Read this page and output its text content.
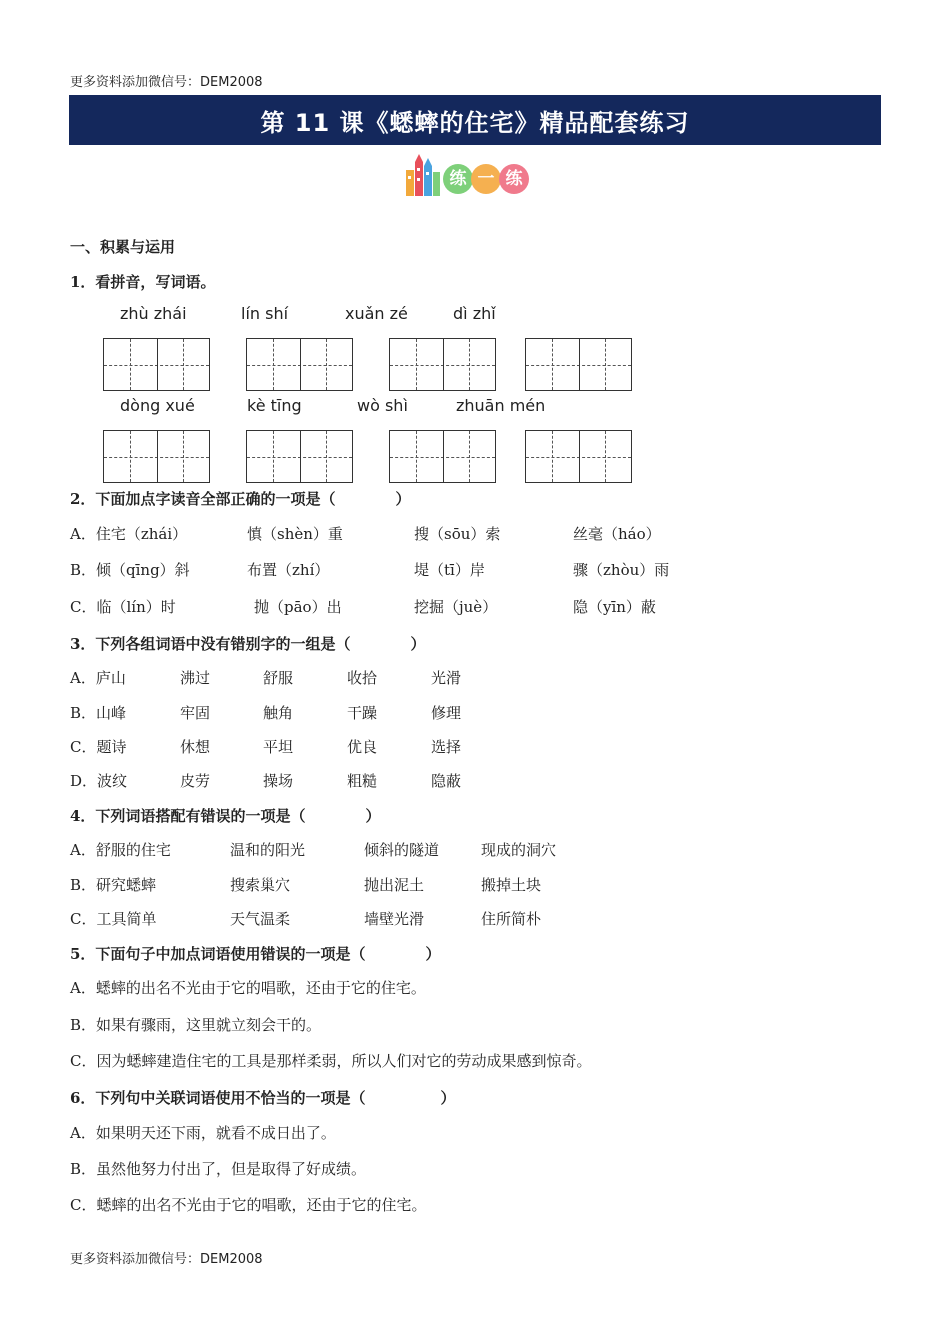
更多资料添加微信号：DEM2008
第 11 课《蟋蟀的住宅》精品配套练习
练 一 练
一、积累与运用
1．看拼音，写词语。
zhù zhái	lín shí	xuǎn zé	dì zhǐ
dòng xué	kè tīng	wò shì	zhuān mén
2．下面加点字读音全部正确的一项是（　　　　）
A．住宅（zhái）	慎（shèn）重	搜（sōu）索	丝毫（háo）
B．倾（qīng）斜	布置（zhí）	堤（tī）岸	骤（zhòu）雨
C．临（lín）时	抛（pāo）出	挖掘（juè）	隐（yīn）蔽
3．下列各组词语中没有错别字的一组是（　　　　）
A．庐山	沸过	舒服	收拾	光滑
B．山峰	牢固	触角	干躁	修理
C．题诗	休想	平坦	优良	选择
D．波纹	皮劳	操场	粗糙	隐蔽
4．下列词语搭配有错误的一项是（　　　　）
A．舒服的住宅	温和的阳光	倾斜的隧道	现成的洞穴
B．研究蟋蟀	搜索巢穴	抛出泥土	搬掉土块
C．工具简单	天气温柔	墙壁光滑	住所简朴
5．下面句子中加点词语使用错误的一项是（　　　　）
A．蟋蟀的出名不光由于它的唱歌，还由于它的住宅。
B．如果有骤雨，这里就立刻会干的。
C．因为蟋蟀建造住宅的工具是那样柔弱，所以人们对它的劳动成果感到惊奇。
6．下列句中关联词语使用不恰当的一项是（　　　　　）
A．如果明天还下雨，就看不成日出了。
B．虽然他努力付出了，但是取得了好成绩。
C．蟋蟀的出名不光由于它的唱歌，还由于它的住宅。
更多资料添加微信号：DEM2008
